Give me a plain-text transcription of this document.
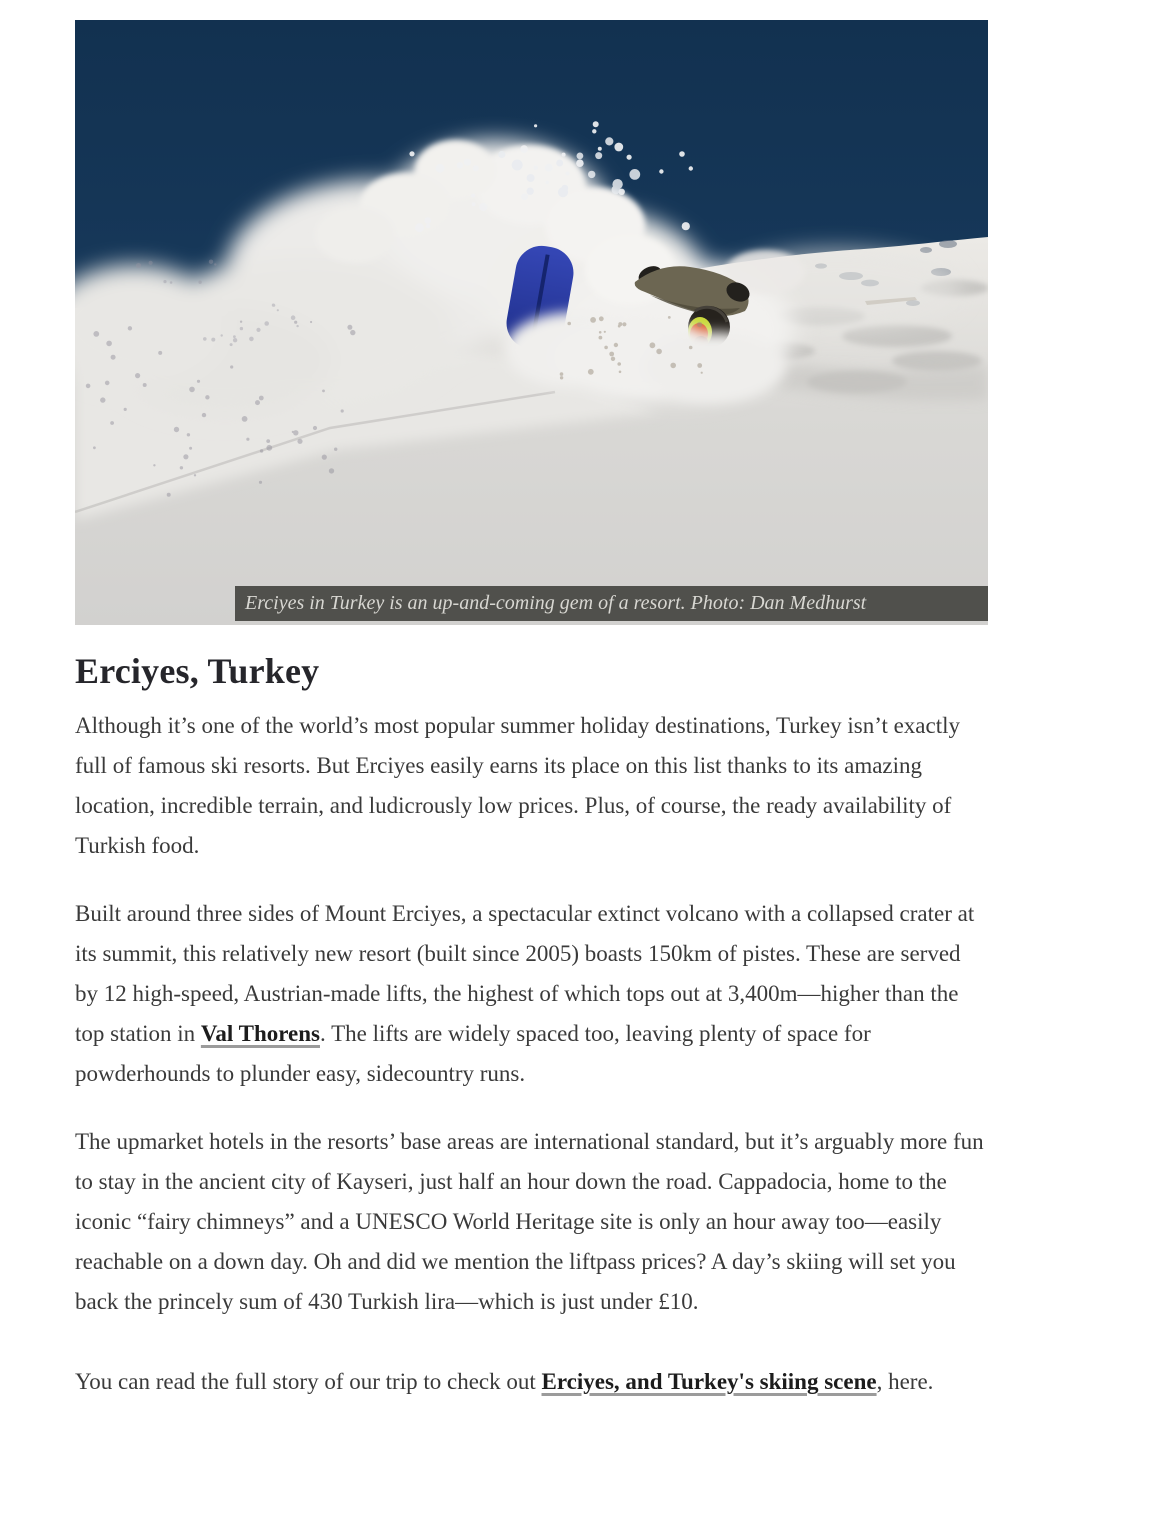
Erciyes in Turkey is an up-and-coming gem of a resort. Photo: Dan Medhurst
Erciyes, Turkey

Although it’s one of the world’s most popular summer holiday destinations, Turkey isn’t exactly full of famous ski resorts. But Erciyes easily earns its place on this list thanks to its amazing location, incredible terrain, and ludicrously low prices. Plus, of course, the ready availability of Turkish food.

Built around three sides of Mount Erciyes, a spectacular extinct volcano with a collapsed crater at its summit, this relatively new resort (built since 2005) boasts 150km of pistes. These are served by 12 high-speed, Austrian-made lifts, the highest of which tops out at 3,400m—higher than the top station in Val Thorens. The lifts are widely spaced too, leaving plenty of space for powderhounds to plunder easy, sidecountry runs.

The upmarket hotels in the resorts’ base areas are international standard, but it’s arguably more fun to stay in the ancient city of Kayseri, just half an hour down the road. Cappadocia, home to the iconic “fairy chimneys” and a UNESCO World Heritage site is only an hour away too—easily reachable on a down day. Oh and did we mention the liftpass prices? A day’s skiing will set you back the princely sum of 430 Turkish lira—which is just under £10.

You can read the full story of our trip to check out Erciyes, and Turkey's skiing scene, here.
